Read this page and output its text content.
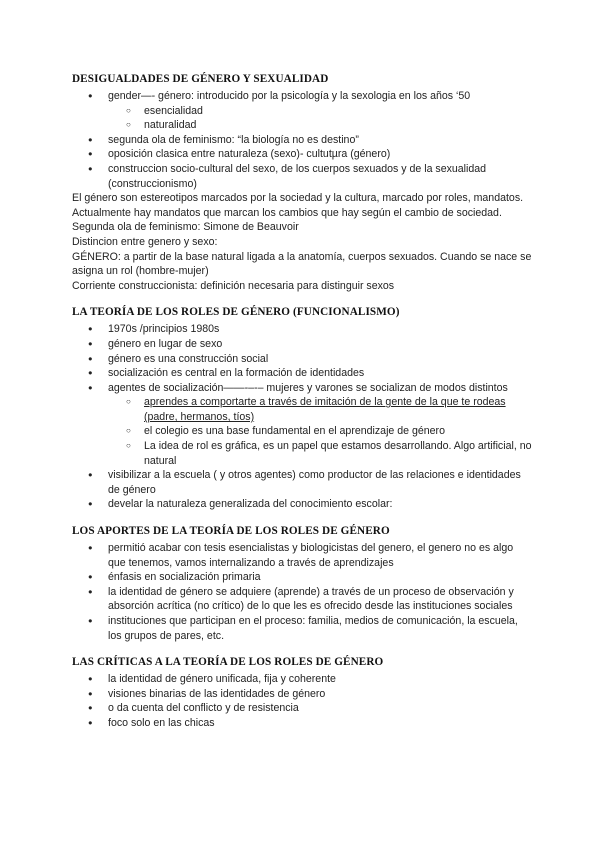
DESIGUALDADES DE GÉNERO Y SEXUALIDAD
● gender—- género: introducido por la psicología y la sexologia en los años ‘50
○ esencialidad
○ naturalidad
● segunda ola de feminismo: “la biología no es destino”
● oposición clasica entre naturaleza (sexo)- cultutµra (género)
● construccion socio-cultural del sexo, de los cuerpos sexuados y de la sexualidad (construccionismo)

El género son estereotipos marcados por la sociedad y la cultura, marcado por roles, mandatos. Actualmente hay mandatos que marcan los cambios que hay según el cambio de sociedad.

Segunda ola de feminismo: Simone de Beauvoir

Distincion entre genero y sexo:

GÉNERO: a partir de la base natural ligada a la anatomía, cuerpos sexuados. Cuando se nace se asigna un rol (hombre-mujer)

Corriente construccionista: definición necesaria para distinguir sexos

LA TEORÍA DE LOS ROLES DE GÉNERO (FUNCIONALISMO)
● 1970s /principios 1980s
● género en lugar de sexo
● género es una construcción social
● socialización es central en la formación de identidades
● agentes de socialización——-–-– mujeres y varones se socializan de modos distintos
○ aprendes a comportarte a través de imitación de la gente de la que te rodeas (padre, hermanos, tíos)
○ el colegio es una base fundamental en el aprendizaje de género
○ La idea de rol es gráfica, es un papel que estamos desarrollando. Algo artificial, no natural
● visibilizar a la escuela ( y otros agentes) como productor de las relaciones e identidades de género
● develar la naturaleza generalizada del conocimiento escolar:
LOS APORTES DE LA TEORÍA DE LOS ROLES DE GÉNERO
● permitió acabar con tesis esencialistas y biologicistas del genero, el genero no es algo que tenemos, vamos internalizando a través de aprendizajes
● énfasis en socialización primaria
● la identidad de género se adquiere (aprende) a través de un proceso de observación y absorción acrítica (no crítico) de lo que les es ofrecido desde las instituciones sociales
● instituciones que participan en el proceso: familia, medios de comunicación, la escuela, los grupos de pares, etc.
LAS CRÍTICAS A LA TEORÍA DE LOS ROLES DE GÉNERO
● la identidad de género unificada, fija y coherente
● visiones binarias de las identidades de género
● o da cuenta del conflicto y de resistencia
● foco solo en las chicas
